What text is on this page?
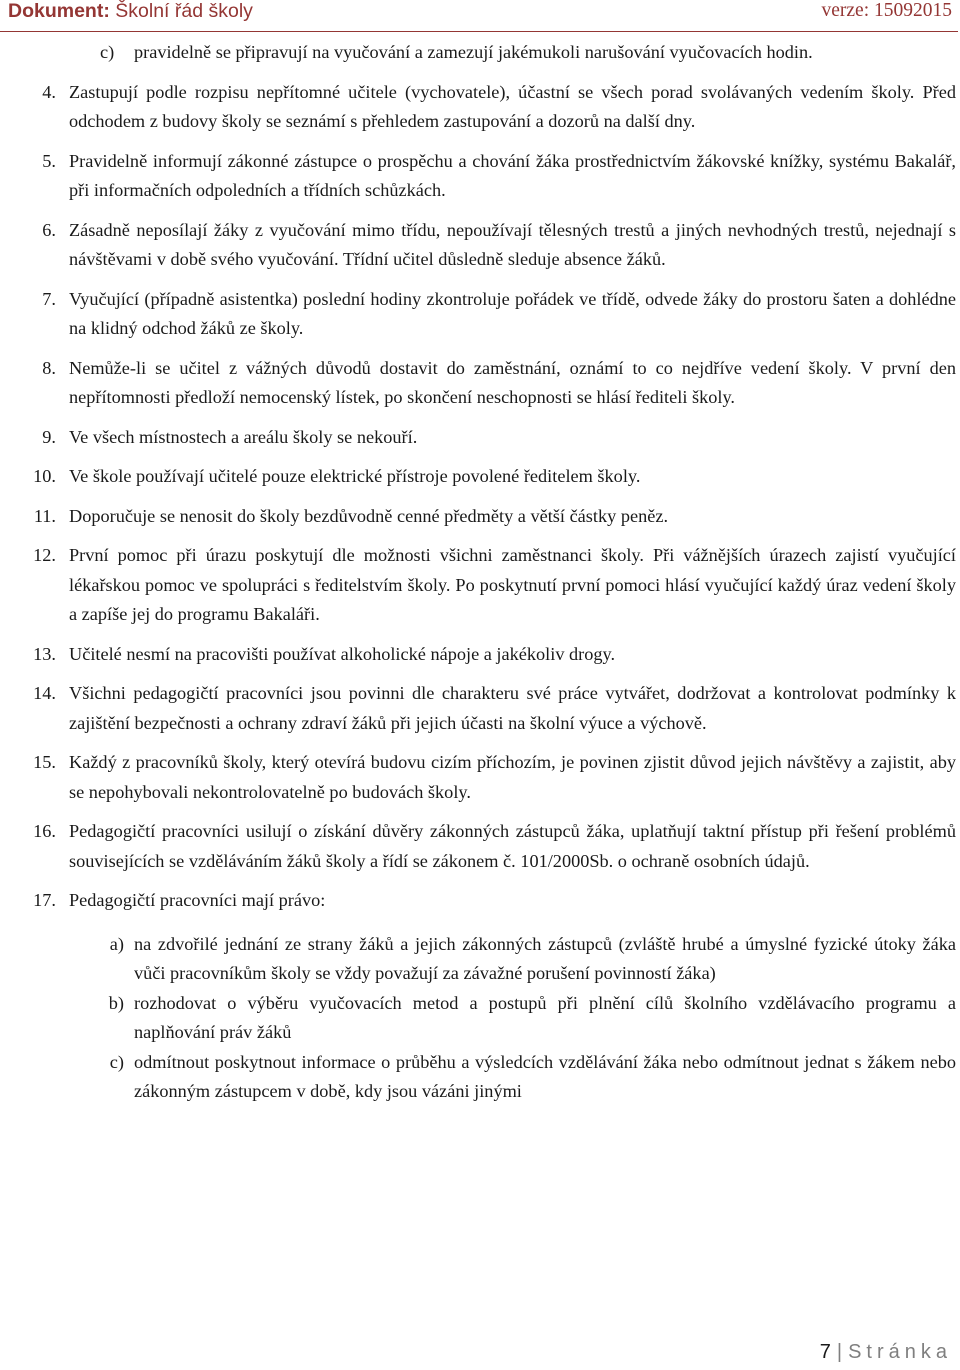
Dokument: Školní řád školy	verze: 15092015
c) pravidelně se připravují na vyučování a zamezují jakémukoli narušování vyučovacích hodin.
4. Zastupují podle rozpisu nepřítomné učitele (vychovatele), účastní se všech porad svolávaných vedením školy. Před odchodem z budovy školy se seznámí s přehledem zastupování a dozorů na další dny.
5. Pravidelně informují zákonné zástupce o prospěchu a chování žáka prostřednictvím žákovské knížky, systému Bakalář, při informačních odpoledních a třídních schůzkách.
6. Zásadně neposílají žáky z vyučování mimo třídu, nepoužívají tělesných trestů a jiných nevhodných trestů, nejednají s návštěvami v době svého vyučování. Třídní učitel důsledně sleduje absence žáků.
7. Vyučující (případně asistentka) poslední hodiny zkontroluje pořádek ve třídě, odvede žáky do prostoru šaten a dohlédne na klidný odchod žáků ze školy.
8. Nemůže-li se učitel z vážných důvodů dostavit do zaměstnání, oznámí to co nejdříve vedení školy. V první den nepřítomnosti předloží nemocenský lístek, po skončení neschopnosti se hlásí řediteli školy.
9. Ve všech místnostech a areálu školy se nekouří.
10. Ve škole používají učitelé pouze elektrické přístroje povolené ředitelem školy.
11. Doporučuje se nenosit do školy bezdůvodně cenné předměty a větší částky peněz.
12. První pomoc při úrazu poskytují dle možnosti všichni zaměstnanci školy. Při vážnějších úrazech zajistí vyučující lékařskou pomoc ve spolupráci s ředitelstvím školy. Po poskytnutí první pomoci hlásí vyučující každý úraz vedení školy a zapíše jej do programu Bakaláři.
13. Učitelé nesmí na pracovišti používat alkoholické nápoje a jakékoliv drogy.
14. Všichni pedagogičtí pracovníci jsou povinni dle charakteru své práce vytvářet, dodržovat a kontrolovat podmínky k zajištění bezpečnosti a ochrany zdraví žáků při jejich účasti na školní výuce a výchově.
15. Každý z pracovníků školy, který otevírá budovu cizím příchozím, je povinen zjistit důvod jejich návštěvy a zajistit, aby se nepohybovali nekontrolovatelně po budovách školy.
16. Pedagogičtí pracovníci usilují o získání důvěry zákonných zástupců žáka, uplatňují taktní přístup při řešení problémů souvisejících se vzděláváním žáků školy a řídí se zákonem č. 101/2000Sb. o ochraně osobních údajů.
17. Pedagogičtí pracovníci mají právo:
a) na zdvořilé jednání ze strany žáků a jejich zákonných zástupců (zvláště hrubé a úmyslné fyzické útoky žáka vůči pracovníkům školy se vždy považují za závažné porušení povinností žáka)
b) rozhodovat o výběru vyučovacích metod a postupů při plnění cílů školního vzdělávacího programu a naplňování práv žáků
c) odmítnout poskytnout informace o průběhu a výsledcích vzdělávání žáka nebo odmítnout jednat s žákem nebo zákonným zástupcem v době, kdy jsou vázáni jinými
7 | Stránka
